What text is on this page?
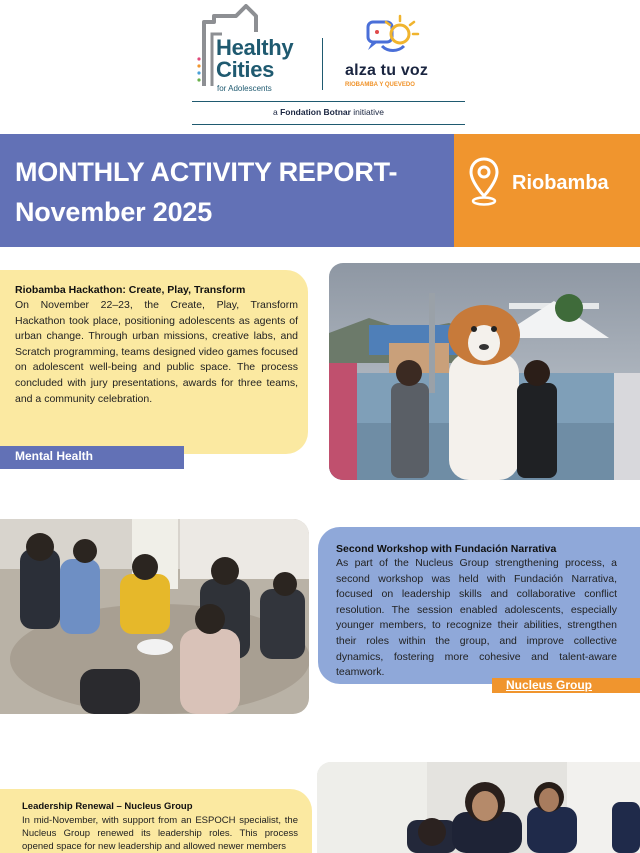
Healthy
Cities
for Adolescents
alza tu voz
RIOBAMBA Y QUEVEDO
a Fondation Botnar initiative
MONTHLY ACTIVITY REPORT-
November 2025
Riobamba
Riobamba Hackathon: Create, Play, Transform
On November 22–23, the Create, Play, Transform Hackathon took place, positioning adolescents as agents of urban change. Through urban missions, creative labs, and Scratch programming, teams designed video games focused on adolescent well-being and public space. The process concluded with jury presentations, awards for three teams, and a community celebration.
Mental Health
Second Workshop with Fundación Narrativa
As part of the Nucleus Group strengthening process, a second workshop was held with Fundación Narrativa, focused on leadership skills and collaborative conflict resolution. The session enabled adolescents, especially younger members, to recognize their abilities, strengthen their roles within the group, and improve collective dynamics, fostering more cohesive and talent-aware teamwork.
Nucleus Group
Leadership Renewal – Nucleus Group
In mid-November, with support from an ESPOCH specialist, the Nucleus Group renewed its leadership roles. This process opened space for new leadership and allowed newer members
